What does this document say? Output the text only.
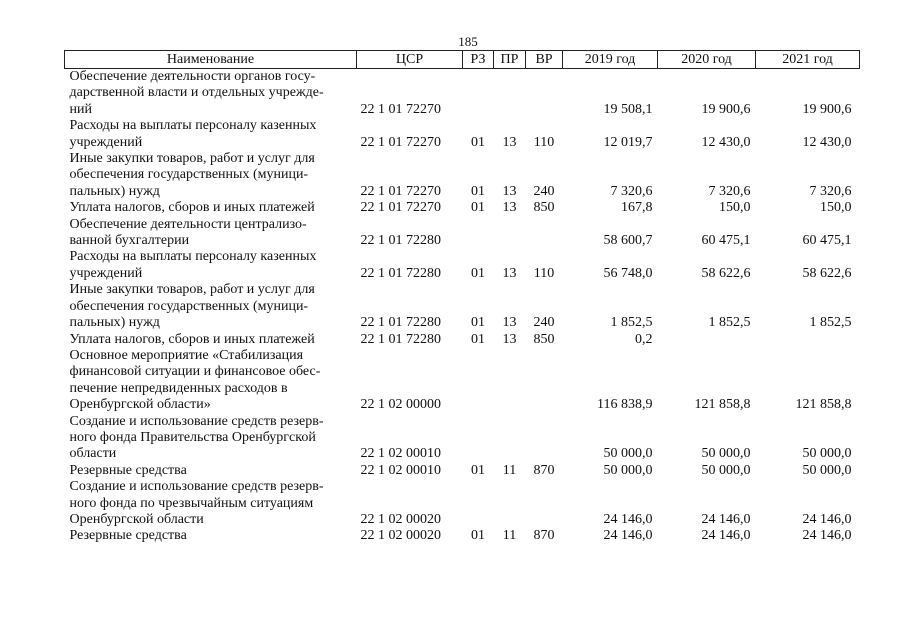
185
Наименование	ЦСР	РЗ	ПР	ВР	2019 год	2020 год	2021 год

Обеспечение деятельности органов госу-
дарственной власти и отдельных учрежде-
ний	22 1 01 72270				19 508,1	19 900,6	19 900,6

Расходы на выплаты персоналу казенных
учреждений	22 1 01 72270	01	13	110	12 019,7	12 430,0	12 430,0

Иные закупки товаров, работ и услуг для
обеспечения государственных (муници-
пальных) нужд	22 1 01 72270	01	13	240	7 320,6	7 320,6	7 320,6

Уплата налогов, сборов и иных платежей	22 1 01 72270	01	13	850	167,8	150,0	150,0

Обеспечение деятельности централизо-
ванной бухгалтерии	22 1 01 72280				58 600,7	60 475,1	60 475,1

Расходы на выплаты персоналу казенных
учреждений	22 1 01 72280	01	13	110	56 748,0	58 622,6	58 622,6

Иные закупки товаров, работ и услуг для
обеспечения государственных (муници-
пальных) нужд	22 1 01 72280	01	13	240	1 852,5	1 852,5	1 852,5

Уплата налогов, сборов и иных платежей	22 1 01 72280	01	13	850	0,2		

Основное мероприятие «Стабилизация
финансовой ситуации и финансовое обес-
печение непредвиденных расходов в
Оренбургской области»	22 1 02 00000				116 838,9	121 858,8	121 858,8

Создание и использование средств резерв-
ного фонда Правительства Оренбургской
области	22 1 02 00010				50 000,0	50 000,0	50 000,0

Резервные средства	22 1 02 00010	01	11	870	50 000,0	50 000,0	50 000,0

Создание и использование средств резерв-
ного фонда по чрезвычайным ситуациям
Оренбургской области	22 1 02 00020				24 146,0	24 146,0	24 146,0

Резервные средства	22 1 02 00020	01	11	870	24 146,0	24 146,0	24 146,0
